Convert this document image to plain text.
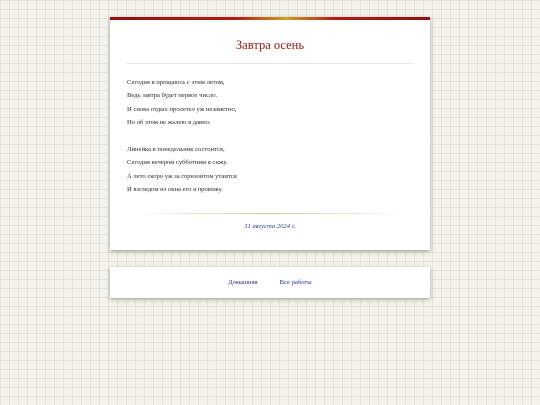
Завтра осень
Сегодня я прощаюсь с этим летом,
Ведь завтра будет первое число.
И снова отдых пролетел уж незаметно,
Но об этом не жалею я давно.
Линейка в понедельник состоится,
Сегодня вечером субботним я сижу.
А лето скоро уж за горизонтом утаится
И взглядом из окна его я провожу.
31 августа 2024 г.
Домашняя	Все работы
